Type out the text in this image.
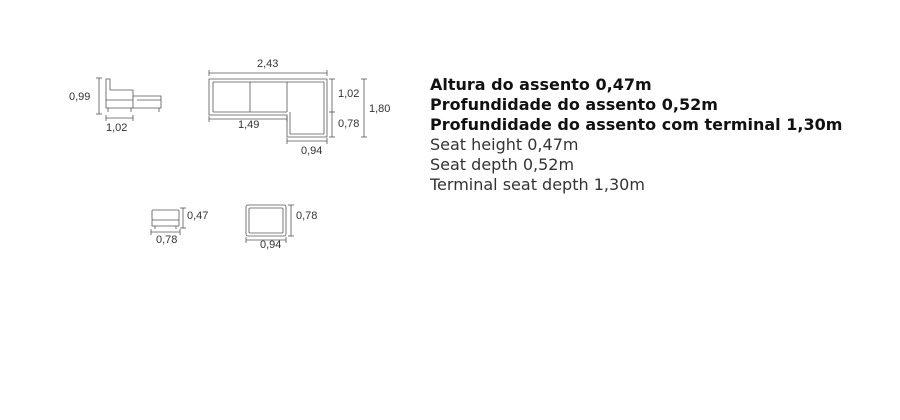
0,99
1,02
2,43
1,49
1,02
1,80
0,78
0,94
0,47
0,78
0,78
0,94
Altura do assento 0,47m
Profundidade do assento 0,52m
Profundidade do assento com terminal 1,30m
Seat height 0,47m
Seat depth 0,52m
Terminal seat depth 1,30m
